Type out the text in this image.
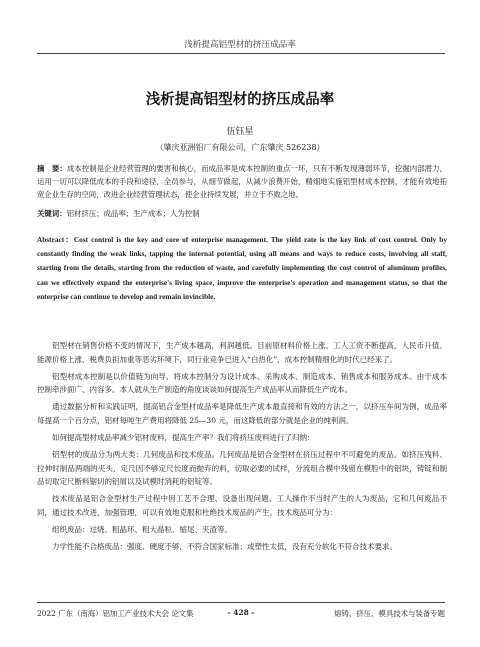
浅析提高铝型材的挤压成品率
浅析提高铝型材的挤压成品率
伍钰星
（肇庆亚洲铝厂有限公司，广东肇庆 526238）
摘　要：成本控制是企业经营管理的要害和核心，而成品率是成本控制的重点一环，只有不断发现薄弱环节，挖掘内部潜力，运用一切可以降低成本的手段和途径，全员参与，从细节做起，从减少浪费开始，精细地实施铝型材成本控制，才能有效地拓宽企业生存的空间，改进企业经营管理状态，使企业持续发展，并立于不败之地。
关键词：铝材挤压；成品率；生产成本；人为控制
Abstract：Cost control is the key and core of enterprise management. The yield rate is the key link of cost control. Only by constantly finding the weak links, tapping the internal potential, using all means and ways to reduce costs, involving all staff, starting from the details, starting from the reduction of waste, and carefully implementing the cost control of aluminum profiles, can we effectively expand the enterprise's living space, improve the enterprise's operation and management status, so that the enterprise can continue to develop and remain invincible.

铝型材在销售价格不变的情况下，生产成本越高，利润越低。目前原材料价格上涨、工人工资不断提高，人民币升值、能源价格上涨、税费负担加重等恶劣环境下，同行业竞争已进入“白热化”，成本控制精细化的时代已经来了。

铝型材成本控制是以价值链为向导，将成本控制分为设计成本、采购成本、制造成本、销售成本和服务成本。由于成本控制牵涉面广、内容多。本人就从生产制造的角度谈谈如何提高生产成品率从而降低生产成本。

通过数据分析和实践证明，提高铝合金型材成品率是降低生产成本最直接和有效的方法之一，以挤压车间为例，成品率每提高一个百分点，铝材每吨生产费用将降低 25—30 元，而这降低的部分就是企业的纯利润。

如何提高型材成品率减少铝材废料，提高生产率？我们将挤压废料进行了归纳：

铝型材的废品分为两大类：几何废品和技术废品。几何废品是铝合金型材在挤压过程中不可避免的废品。如挤压残料、拉伸时制品两端的夹头、定尺因不够定尺长度而抛弃的料，切取必要的试样，分流组合模中残留在模腔中的铝块，铸锭和制品切取定尺断料锯切的铝屑以及试模时消耗的铝锭等。

技术废品是铝合金型材生产过程中因工艺不合理、设备出现问题、工人操作不当时产生的人为废品，它和几何废品不同，通过技术改进、加强管理，可以有效地克服和杜绝技术废品的产生。技术废品可分为：

组织废品：过烧、粗晶环、粗大晶粒、缩尾、夹渣等。

力学性能不合格废品：强度、硬度不够，不符合国家标准；或塑性太低，没有充分软化不符合技术要求。

2022 广东（南海）铝加工产业技术大会 论文集	- 428 -	熔铸、挤压、模具技术与装备专题
